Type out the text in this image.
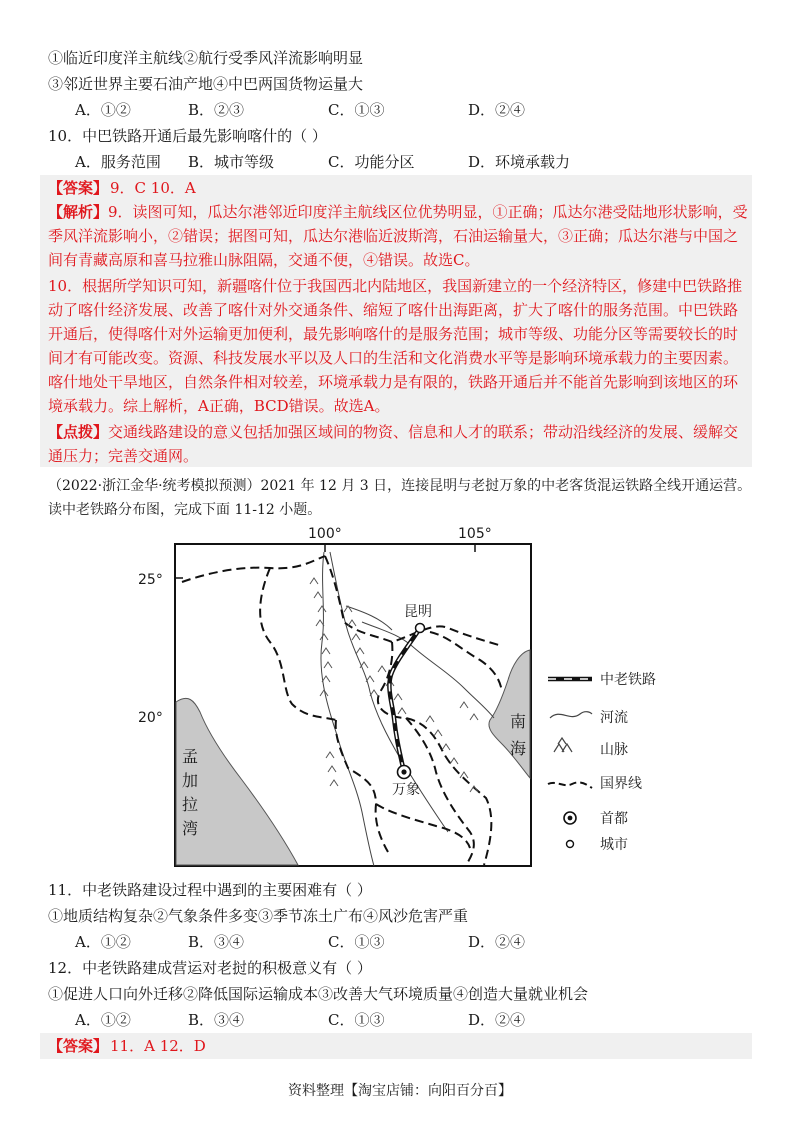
①临近印度洋主航线②航行受季风洋流影响明显
③邻近世界主要石油产地④中巴两国货物运量大
A．①②	B．②③	C．①③	D．②④
10．中巴铁路开通后最先影响喀什的（ ）
A．服务范围 B．城市等级	C．功能分区	D．环境承载力
【答案】 9．C 10．A
【解析】9．读图可知，瓜达尔港邻近印度洋主航线区位优势明显，①正确；瓜达尔港受陆地形状影响，受季风洋流影响小，②错误；据图可知，瓜达尔港临近波斯湾，石油运输量大，③正确；瓜达尔港与中国之间有青藏高原和喜马拉雅山脉阻隔，交通不便，④错误。故选C。
10．根据所学知识可知，新疆喀什位于我国西北内陆地区，我国新建立的一个经济特区，修建中巴铁路推动了喀什经济发展、改善了喀什对外交通条件、缩短了喀什出海距离，扩大了喀什的服务范围。中巴铁路开通后，使得喀什对外运输更加便利，最先影响喀什的是服务范围；城市等级、功能分区等需要较长的时间才有可能改变。资源、科技发展水平以及人口的生活和文化消费水平等是影响环境承载力的主要因素。喀什地处干旱地区，自然条件相对较差，环境承载力是有限的，铁路开通后并不能首先影响到该地区的环境承载力。综上解析，A正确，BCD错误。故选A。
【点拨】交通线路建设的意义包括加强区域间的物资、信息和人才的联系；带动沿线经济的发展、缓解交通压力；完善交通网。
（2022·浙江金华·统考模拟预测）2021 年 12 月 3 日，连接昆明与老挝万象的中老客货混运铁路全线开通运营。读中老铁路分布图，完成下面 11-12 小题。
100°	105°
25°
20°
昆明
万象
南
海
孟
加
拉
湾
中老铁路
河流
山脉
国界线
首都
城市
11．中老铁路建设过程中遇到的主要困难有（ ）
①地质结构复杂②气象条件多变③季节冻土广布④风沙危害严重
A．①②	B．③④	C．①③	D．②④
12．中老铁路建成营运对老挝的积极意义有（ ）
①促进人口向外迁移②降低国际运输成本③改善大气环境质量④创造大量就业机会
A．①②	B．③④	C．①③	D．②④
【答案】 11．A 12．D
资料整理【淘宝店铺：向阳百分百】
